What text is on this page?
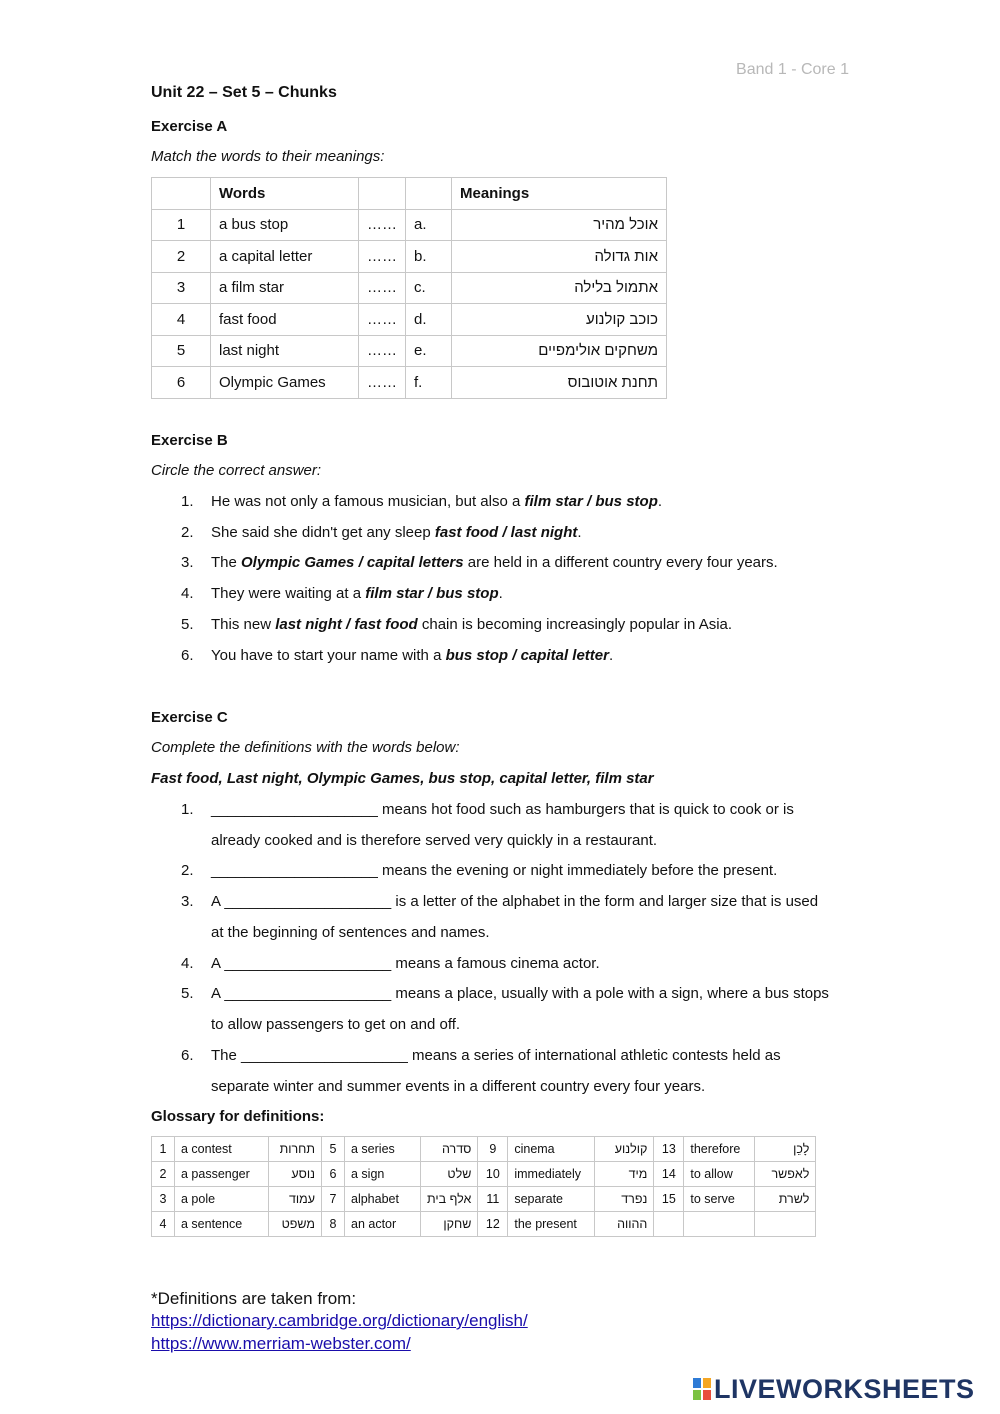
Band 1 - Core 1
Unit 22 – Set 5 – Chunks
Exercise A
Match the words to their meanings:
	Words			Meanings
1	a bus stop	……	a.	אוכל מהיר
2	a capital letter	……	b.	אות גדולה
3	a film star	……	c.	אתמול בלילה
4	fast food	……	d.	כוכב קולנוע
5	last night	……	e.	משחקים אולימפיים
6	Olympic Games	……	f.	תחנת אוטובוס
Exercise B
Circle the correct answer:
1.	He was not only a famous musician, but also a film star / bus stop.
2.	She said she didn't get any sleep fast food / last night.
3.	The Olympic Games / capital letters are held in a different country every four years.
4.	They were waiting at a film star / bus stop.
5.	This new last night / fast food chain is becoming increasingly popular in Asia.
6.	You have to start your name with a bus stop / capital letter.
Exercise C
Complete the definitions with the words below:
Fast food, Last night, Olympic Games, bus stop, capital letter, film star
1.	____________________ means hot food such as hamburgers that is quick to cook or is
already cooked and is therefore served very quickly in a restaurant.
2.	____________________ means the evening or night immediately before the present.
3.	A ____________________ is a letter of the alphabet in the form and larger size that is used
at the beginning of sentences and names.
4.	A ____________________ means a famous cinema actor.
5.	A ____________________ means a place, usually with a pole with a sign, where a bus stops
to allow passengers to get on and off.
6.	The ____________________ means a series of international athletic contests held as
separate winter and summer events in a different country every four years.
Glossary for definitions:
1	a contest	תחרות	5	a series	סדרה	9	cinema	קולנוע	13	therefore	לָכֵן
2	a passenger	נוסע	6	a sign	שלט	10	immediately	מיד	14	to allow	לאפשר
3	a pole	עמוד	7	alphabet	אלף בית	11	separate	נפרד	15	to serve	לשרת
4	a sentence	משפט	8	an actor	שחקן	12	the present	ההווה			
*Definitions are taken from:
https://dictionary.cambridge.org/dictionary/english/
https://www.merriam-webster.com/
LIVEWORKSHEETS
